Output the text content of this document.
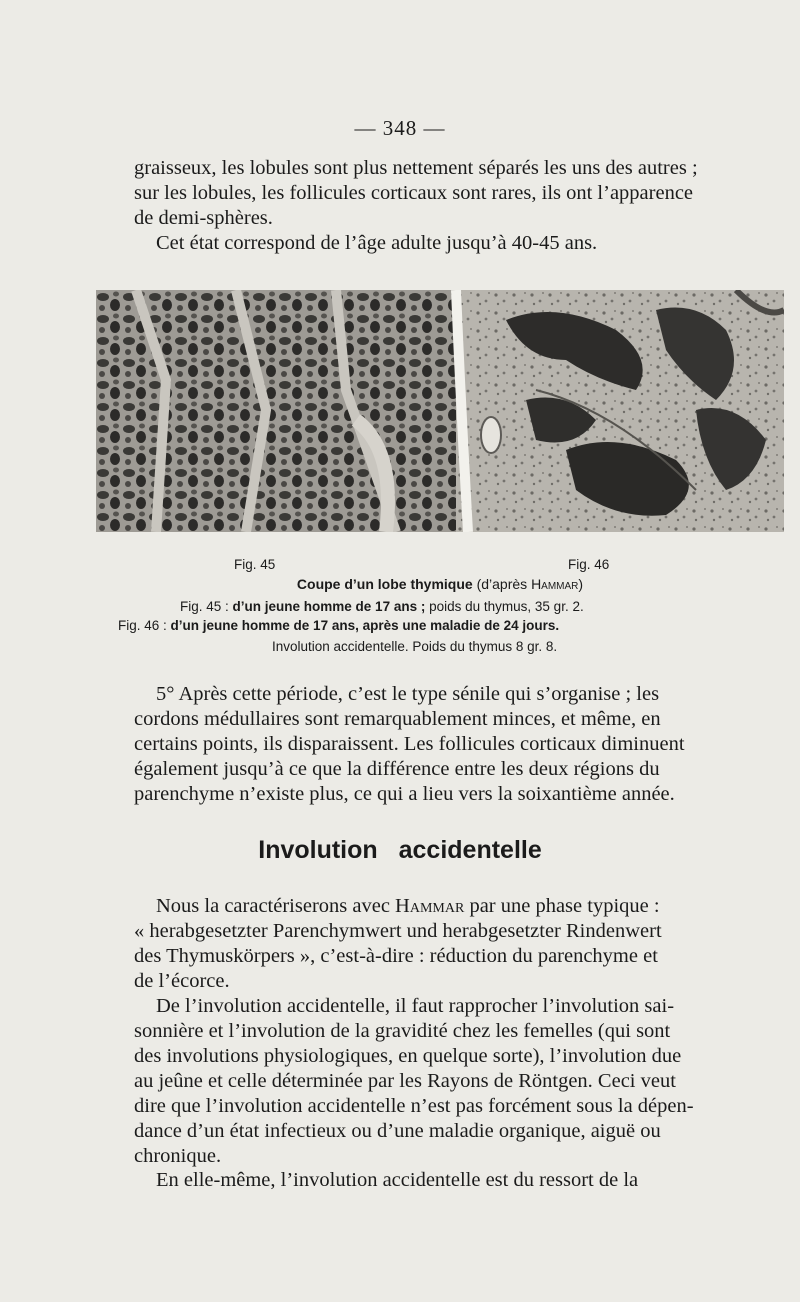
— 348 —

graisseux, les lobules sont plus nettement séparés les uns des autres ;
sur les lobules, les follicules corticaux sont rares, ils ont l’apparence
de demi-sphères.
Cet état correspond de l’âge adulte jusqu’à 40-45 ans.

Fig. 45	Fig. 46
Coupe d’un lobe thymique (d’après Hammar)
Fig. 45 : d’un jeune homme de 17 ans ; poids du thymus, 35 gr. 2.
Fig. 46 : d’un jeune homme de 17 ans, après une maladie de 24 jours.
Involution accidentelle. Poids du thymus 8 gr. 8.

5° Après cette période, c’est le type sénile qui s’organise ; les
cordons médullaires sont remarquablement minces, et même, en
certains points, ils disparaissent. Les follicules corticaux diminuent
également jusqu’à ce que la différence entre les deux régions du
parenchyme n’existe plus, ce qui a lieu vers la soixantième année.

Involution accidentelle

Nous la caractériserons avec Hammar par une phase typique :
« herabgesetzter Parenchymwert und herabgesetzter Rindenwert
des Thymuskörpers », c’est-à-dire : réduction du parenchyme et
de l’écorce.

De l’involution accidentelle, il faut rapprocher l’involution sai-
sonnière et l’involution de la gravidité chez les femelles (qui sont
des involutions physiologiques, en quelque sorte), l’involution due
au jeûne et celle déterminée par les Rayons de Röntgen. Ceci veut
dire que l’involution accidentelle n’est pas forcément sous la dépen-
dance d’un état infectieux ou d’une maladie organique, aiguë ou
chronique.

En elle-même, l’involution accidentelle est du ressort de la
